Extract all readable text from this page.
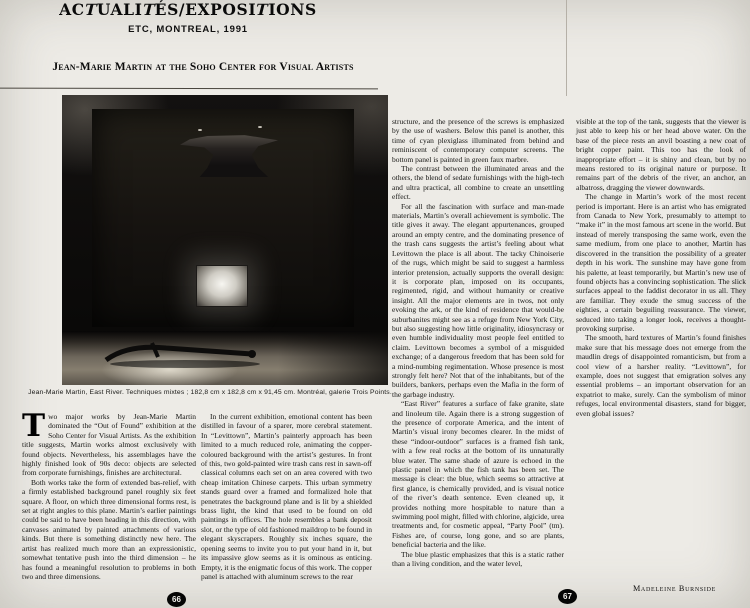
ACTUALITÉS/EXPOSITIONS
ETC, MONTREAL, 1991
Jean-Marie Martin at the Soho Center for Visual Artists
Jean-Marie Martin, East River. Techniques mixtes ; 182,8 cm x 182,8 cm x 91,45 cm. Montréal, galerie Trois Points.
T wo major works by Jean-Marie Martin dominated the “Out of Found” exhibition at the Soho Center for Visual Artists. As the exhibition title suggests, Martin works almost exclusively with found objects. Nevertheless, his assemblages have the highly finished look of 90s deco: objects are selected from corporate furnishings, finishes are architectural.

Both works take the form of extended bas-relief, with a firmly established background panel roughly six feet square. A floor, on which three dimensional forms rest, is set at right angles to this plane. Martin’s earlier paintings could be said to have been heading in this direction, with canvases animated by painted attachments of various kinds. But there is something distinctly new here. The artist has realized much more than an expressionistic, somewhat tentative push into the third dimension – he has found a meaningful resolution to problems in both two and three dimensions.

In the current exhibition, emotional content has been distilled in favour of a sparer, more cerebral statement. In “Levittown”, Martin’s painterly approach has been limited to a much reduced role, animating the copper-coloured background with the artist’s gestures. In front of this, two gold-painted wire trash cans rest in sawn-off classical columns each set on an area covered with two cheap imitation Chinese carpets. This urban symmetry stands guard over a framed and formalized hole that penetrates the background plane and is lit by a shielded brass light, the kind that used to be found on old paintings in offices. The hole resembles a bank deposit slot, or the type of old fashioned maildrop to be found in elegant skyscrapers. Roughly six inches square, the opening seems to invite you to put your hand in it, but its impassive glow seems as it is ominous as enticing. Empty, it is the enigmatic focus of this work. The copper panel is attached with aluminum screws to the rear

66

structure, and the presence of the screws is emphasized by the use of washers. Below this panel is another, this time of cyan plexiglass illuminated from behind and reminiscent of contemporary computer screens. The bottom panel is painted in green faux marbre.

The contrast between the illuminated areas and the others, the blend of sedate furnishings with the high-tech and ultra practical, all combine to create an unsettling effect.

For all the fascination with surface and man-made materials, Martin’s overall achievement is symbolic. The title gives it away. The elegant appurtenances, grouped around an empty centre, and the dominating presence of the trash cans suggests the artist’s feeling about what Levittown the place is all about. The tacky Chinoiserie of the rugs, which might be said to suggest a harmless interior pretension, actually supports the overall design: it is corporate plan, imposed on its occupants, regimented, rigid, and without humanity or creative insight. All the major elements are in twos, not only evoking the ark, or the kind of residence that would-be suburbanites might see as a refuge from New York City, but also suggesting how little originality, idiosyncrasy or even humble individuality most people feel entitled to claim. Levittown becomes a symbol of a misguided exchange; of a dangerous freedom that has been sold for a mind-numbing regimentation. Whose presence is most strongly felt here? Not that of the inhabitants, but of the builders, bankers, perhaps even the Mafia in the form of the garbage industry.

“East River” features a surface of fake granite, slate and linoleum tile. Again there is a strong suggestion of the presence of corporate America, and the intent of Martin’s visual irony becomes clearer. In the midst of these “indoor-outdoor” surfaces is a framed fish tank, with a few real rocks at the bottom of its unnaturally blue water. The same shade of azure is echoed in the plastic panel in which the fish tank has been set. The message is clear: the blue, which seems so attractive at first glance, is chemically provided, and is visual notice of the river’s death sentence. Even cleaned up, it provides nothing more hospitable to nature than a swimming pool might, filled with chlorine, algicide, urea treatments and, for cosmetic appeal, “Party Pool” (tm). Fishes are, of course, long gone, and so are plants, beneficial bacteria and the like.

The blue plastic emphasizes that this is a static rather than a living condition, and the water level,

visible at the top of the tank, suggests that the viewer is just able to keep his or her head above water. On the base of the piece rests an anvil boasting a new coat of bright copper paint. This too has the look of inappropriate effort – it is shiny and clean, but by no means restored to its original nature or purpose. It remains part of the debris of the river, an anchor, an albatross, dragging the viewer downwards.

The change in Martin’s work of the most recent period is important. Here is an artist who has emigrated from Canada to New York, presumably to attempt to “make it” in the most famous art scene in the world. But instead of merely transposing the same work, even the same medium, from one place to another, Martin has discovered in the transition the possibility of a greater depth in his work. The sunshine may have gone from his palette, at least temporarily, but Martin’s new use of found objects has a convincing sophistication. The slick surfaces appeal to the faddist decorator in us all. They are familiar. They exude the smug success of the eighties, a certain beguiling reassurance. The viewer, seduced into taking a longer look, receives a thought-provoking surprise.

The smooth, hard textures of Martin’s found finishes make sure that his message does not emerge from the maudlin dregs of disappointed romanticism, but from a cool view of a harsher reality. “Levittown”, for example, does not suggest that emigration solves any essential problems – an important observation for an expatriot to make, surely. Can the symbolism of minor refuges, local environmental disasters, stand for bigger, even global issues?

Madeleine Burnside
67
